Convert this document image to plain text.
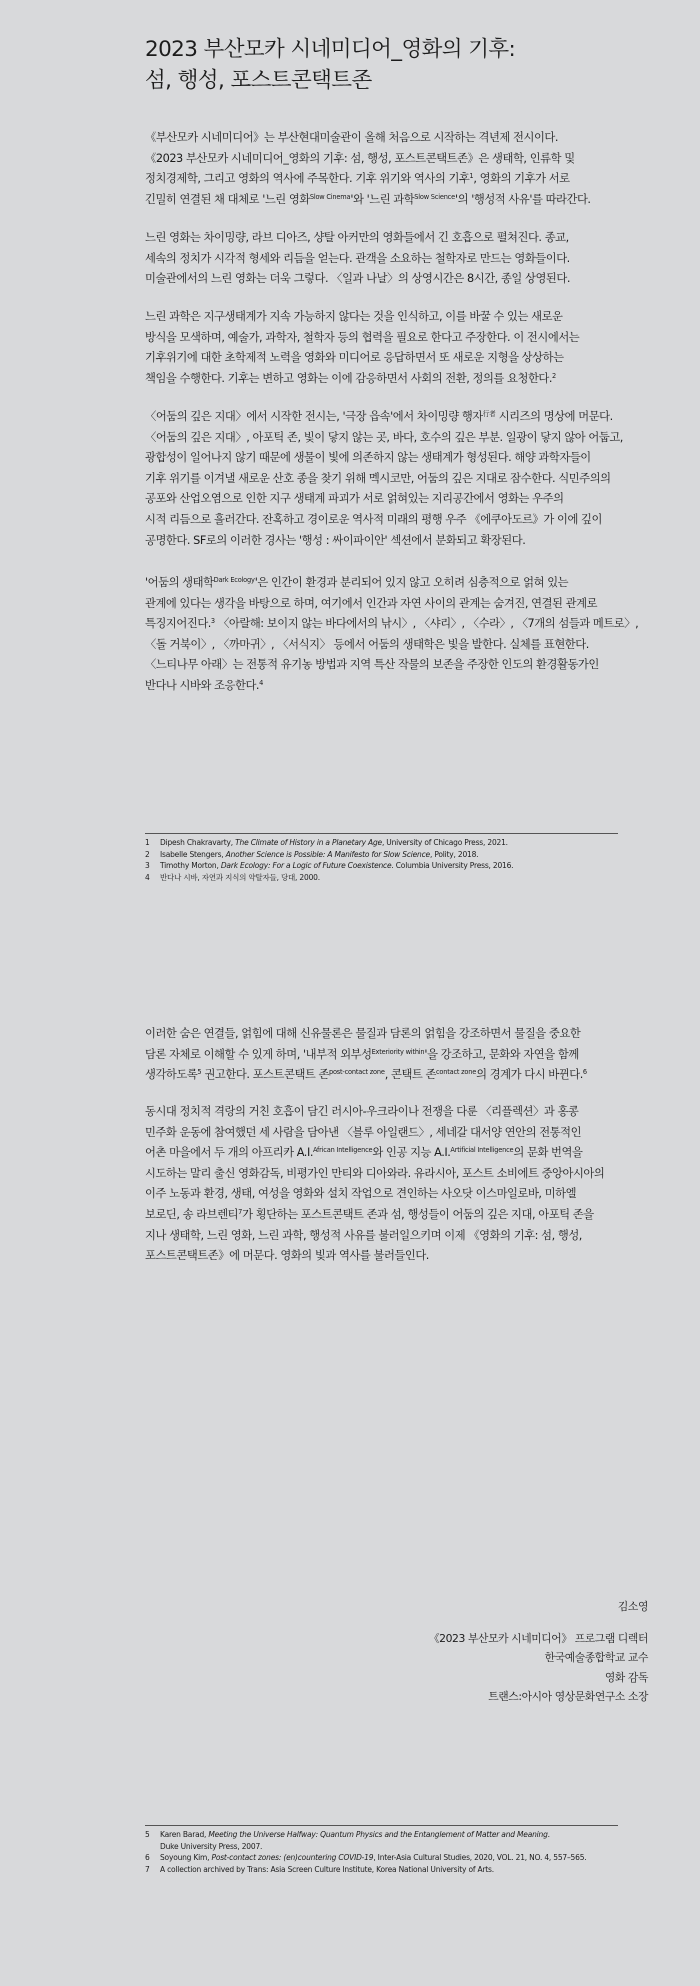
2023 부산모카 시네미디어_영화의 기후:
섬, 행성, 포스트콘택트존
《부산모카 시네미디어》는 부산현대미술관이 올해 처음으로 시작하는 격년제 전시이다.
《2023 부산모카 시네미디어_영화의 기후: 섬, 행성, 포스트콘택트존》은 생태학, 인류학 및
정치경제학, 그리고 영화의 역사에 주목한다. 기후 위기와 역사의 기후$^1$, 영화의 기후가 서로
긴밀히 연결된 채 대체로 '느린 영화$^{Slow Cinema}$'와 '느린 과학$^{Slow Science}$'의 '행성적 사유'를 따라간다.
느린 영화는 차이밍량, 라브 디아즈, 샹탈 아커만의 영화들에서 긴 호흡으로 펼쳐진다. 종교,
세속의 정치가 시각적 형세와 리듬을 얻는다. 관객을 소요하는 철학자로 만드는 영화들이다.
미술관에서의 느린 영화는 더욱 그렇다. 〈일과 나날〉의 상영시간은 8시간, 종일 상영된다.
느린 과학은 지구생태계가 지속 가능하지 않다는 것을 인식하고, 이를 바꿀 수 있는 새로운
방식을 모색하며, 예술가, 과학자, 철학자 등의 협력을 필요로 한다고 주장한다. 이 전시에서는
기후위기에 대한 초학제적 노력을 영화와 미디어로 응답하면서 또 새로운 지형을 상상하는
책임을 수행한다. 기후는 변하고 영화는 이에 감응하면서 사회의 전환, 정의를 요청한다.$^2$
〈어둠의 깊은 지대〉에서 시작한 전시는, '극장 읍속'에서 차이밍량 행자$^{行者}$ 시리즈의 명상에 머문다.
〈어둠의 깊은 지대〉, 아포틱 존, 빛이 닿지 않는 곳, 바다, 호수의 깊은 부분. 일광이 닿지 않아 어둡고,
광합성이 일어나지 않기 때문에 생물이 빛에 의존하지 않는 생태계가 형성된다. 해양 과학자들이
기후 위기를 이겨낼 새로운 산호 종을 찾기 위해 멕시코만, 어둠의 깊은 지대로 잠수한다. 식민주의의
공포와 산업오염으로 인한 지구 생태계 파괴가 서로 얽혀있는 지리공간에서 영화는 우주의
시적 리듬으로 흘러간다. 잔혹하고 경이로운 역사적 미래의 평행 우주 《에쿠아도르》가 이에 깊이
공명한다. SF로의 이러한 경사는 '행성 : 싸이파이안' 섹션에서 분화되고 확장된다.
'어둠의 생태학$^{Dark Ecology}$'은 인간이 환경과 분리되어 있지 않고 오히려 심층적으로 얽혀 있는
관계에 있다는 생각을 바탕으로 하며, 여기에서 인간과 자연 사이의 관계는 숨겨진, 연결된 관계로
특징지어진다.$^3$ 〈아랄해: 보이지 않는 바다에서의 낚시〉, 〈샤리〉, 〈수라〉, 〈7개의 섬들과 메트로〉,
〈돌 거북이〉, 〈까마귀〉, 〈서식지〉 등에서 어둠의 생태학은 빛을 발한다. 실체를 표현한다.
〈느티나무 아래〉는 전통적 유기농 방법과 지역 특산 작물의 보존을 주장한 인도의 환경활동가인
반다나 시바와 조응한다.$^4$
1	Dipesh Chakravarty, The Climate of History in a Planetary Age, University of Chicago Press, 2021.
2	Isabelle Stengers, Another Science is Possible: A Manifesto for Slow Science, Polity, 2018.
3	Timothy Morton, Dark Ecology: For a Logic of Future Coexistence. Columbia University Press, 2016.
4	반다나 시바, 자연과 지식의 약탈자들, 당대, 2000.
이러한 숨은 연결들, 얽힘에 대해 신유물론은 물질과 담론의 얽힘을 강조하면서 물질을 중요한
담론 자체로 이해할 수 있게 하며, '내부적 외부성$^{Exteriority within}$'을 강조하고, 문화와 자연을 함께
생각하도록$^5$ 권고한다. 포스트콘택트 존$^{post-contact zone}$, 콘택트 존$^{contact zone}$의 경계가 다시 바뀐다.$^6$
동시대 정치적 격랑의 거친 호흡이 담긴 러시아-우크라이나 전쟁을 다룬 〈리플렉션〉과 홍콩
민주화 운동에 참여했던 세 사람을 담아낸 〈블루 아일랜드〉, 세네갈 대서양 연안의 전통적인
어촌 마을에서 두 개의 아프리카 A.I.$^{African Intelligence}$와 인공 지능 A.I.$^{Artificial Intelligence}$의 문화 번역을
시도하는 말리 출신 영화감독, 비평가인 만티와 디아와라. 유라시아, 포스트 소비에트 중앙아시아의
이주 노동과 환경, 생태, 여성을 영화와 설치 작업으로 견인하는 사오닷 이스마일로바, 미하엘
보로딘, 송 라브렌티$^7$가 횡단하는 포스트콘택트 존과 섬, 행성들이 어둠의 깊은 지대, 아포틱 존을
지나 생태학, 느린 영화, 느린 과학, 행성적 사유를 불러일으키며 이제 《영화의 기후: 섬, 행성,
포스트콘택트존》에 머문다. 영화의 빛과 역사를 불러들인다.
김소영
《2023 부산모카 시네미디어》 프로그램 디렉터
한국예술종합학교 교수
영화 감독
트랜스:아시아 영상문화연구소 소장
5	Karen Barad, Meeting the Universe Halfway: Quantum Physics and the Entanglement of Matter and Meaning.
Duke University Press, 2007.
6	Soyoung Kim, Post-contact zones: (en)countering COVID-19, Inter-Asia Cultural Studies, 2020, VOL. 21, NO. 4, 557–565.
7	A collection archived by Trans: Asia Screen Culture Institute, Korea National University of Arts.
